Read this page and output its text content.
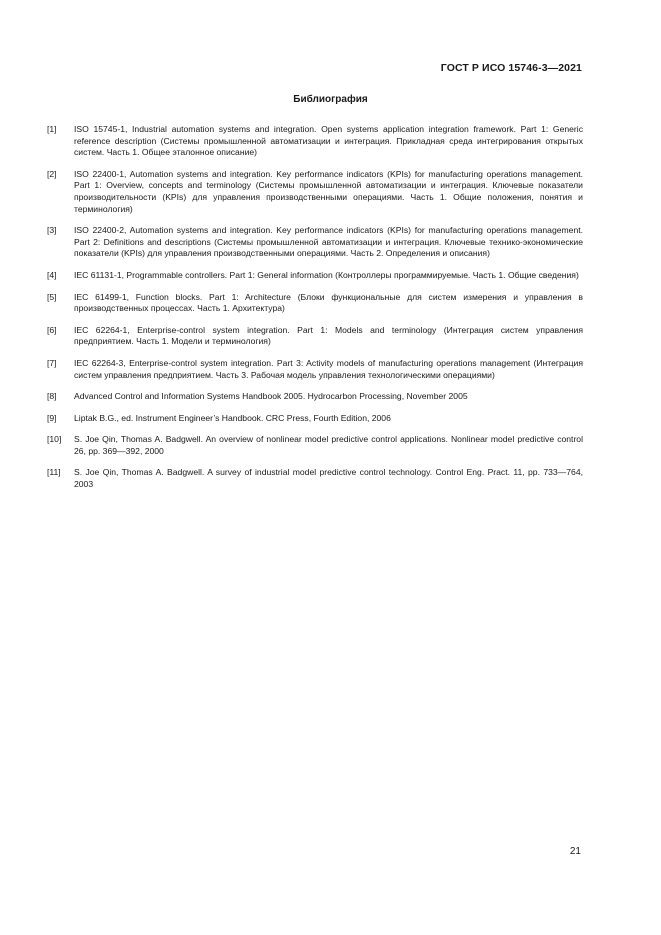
ГОСТ Р ИСО 15746-3—2021
Библиография
[1]	ISO 15745-1, Industrial automation systems and integration. Open systems application integration framework. Part 1: Generic reference description (Системы промышленной автоматизации и интеграция. Прикладная среда интегрирования открытых систем. Часть 1. Общее эталонное описание)
[2]	ISO 22400-1, Automation systems and integration. Key performance indicators (KPIs) for manufacturing operations management. Part 1: Overview, concepts and terminology (Системы промышленной автоматизации и интеграция. Ключевые показатели производительности (KPIs) для управления производственными операциями. Часть 1. Общие положения, понятия и терминология)
[3]	ISO 22400-2, Automation systems and integration. Key performance indicators (KPIs) for manufacturing operations management. Part 2: Definitions and descriptions (Системы промышленной автоматизации и интеграция. Ключевые технико-экономические показатели (KPIs) для управления производственными операциями. Часть 2. Определения и описания)
[4]	IEC 61131-1, Programmable controllers. Part 1: General information (Контроллеры программируемые. Часть 1. Общие сведения)
[5]	IEC 61499-1, Function blocks. Part 1: Architecture (Блоки функциональные для систем измерения и управления в производственных процессах. Часть 1. Архитектура)
[6]	IEC 62264-1, Enterprise-control system integration. Part 1: Models and terminology (Интеграция систем управления предприятием. Часть 1. Модели и терминология)
[7]	IEC 62264-3, Enterprise-control system integration. Part 3: Activity models of manufacturing operations management (Интеграция систем управления предприятием. Часть 3. Рабочая модель управления технологическими операциями)
[8]	Advanced Control and Information Systems Handbook 2005. Hydrocarbon Processing, November 2005
[9]	Liptak B.G., ed. Instrument Engineer’s Handbook. CRC Press, Fourth Edition, 2006
[10]	S. Joe Qin, Thomas A. Badgwell. An overview of nonlinear model predictive control applications. Nonlinear model predictive control 26, pp. 369—392, 2000
[11]	S. Joe Qin, Thomas A. Badgwell. A survey of industrial model predictive control technology. Control Eng. Pract. 11, pp. 733—764, 2003
21
